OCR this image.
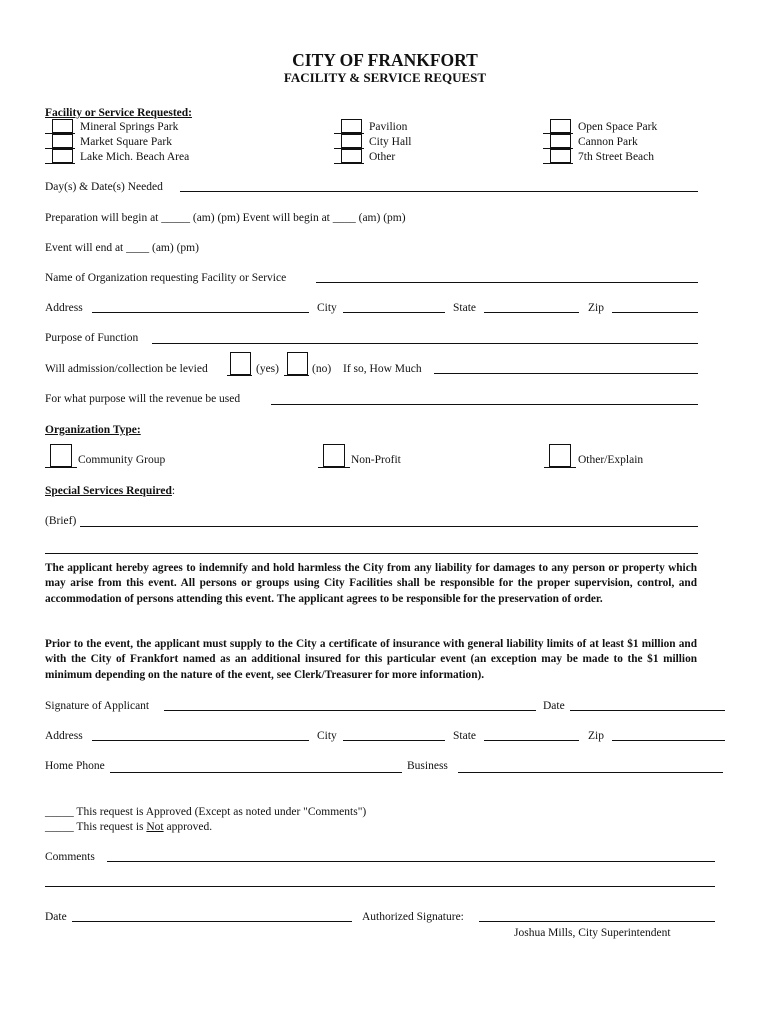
CITY OF FRANKFORT
FACILITY & SERVICE REQUEST
Facility or Service Requested:
Mineral Springs Park
Market Square Park
Lake Mich. Beach Area
Pavilion
City Hall
Other
Open Space Park
Cannon Park
7th Street Beach
Day(s) & Date(s) Needed
Preparation will begin at _____ (am) (pm) Event will begin at ____ (am) (pm)
Event will end at ____ (am) (pm)
Name of Organization requesting Facility or Service
Address	City	State	Zip
Purpose of Function
Will admission/collection be levied	(yes)	(no) If so, How Much
For what purpose will the revenue be used
Organization Type:
Community Group	Non-Profit	Other/Explain
Special Services Required:
(Brief)
The applicant hereby agrees to indemnify and hold harmless the City from any liability for damages to any person or property which may arise from this event. All persons or groups using City Facilities shall be responsible for the proper supervision, control, and accommodation of persons attending this event. The applicant agrees to be responsible for the preservation of order.
Prior to the event, the applicant must supply to the City a certificate of insurance with general liability limits of at least $1 million and with the City of Frankfort named as an additional insured for this particular event (an exception may be made to the $1 million minimum depending on the nature of the event, see Clerk/Treasurer for more information).
Signature of Applicant	Date
Address	City	State	Zip
Home Phone	Business
_____ This request is Approved (Except as noted under "Comments")
_____ This request is Not approved.
Comments
Date	Authorized Signature:
Joshua Mills, City Superintendent
